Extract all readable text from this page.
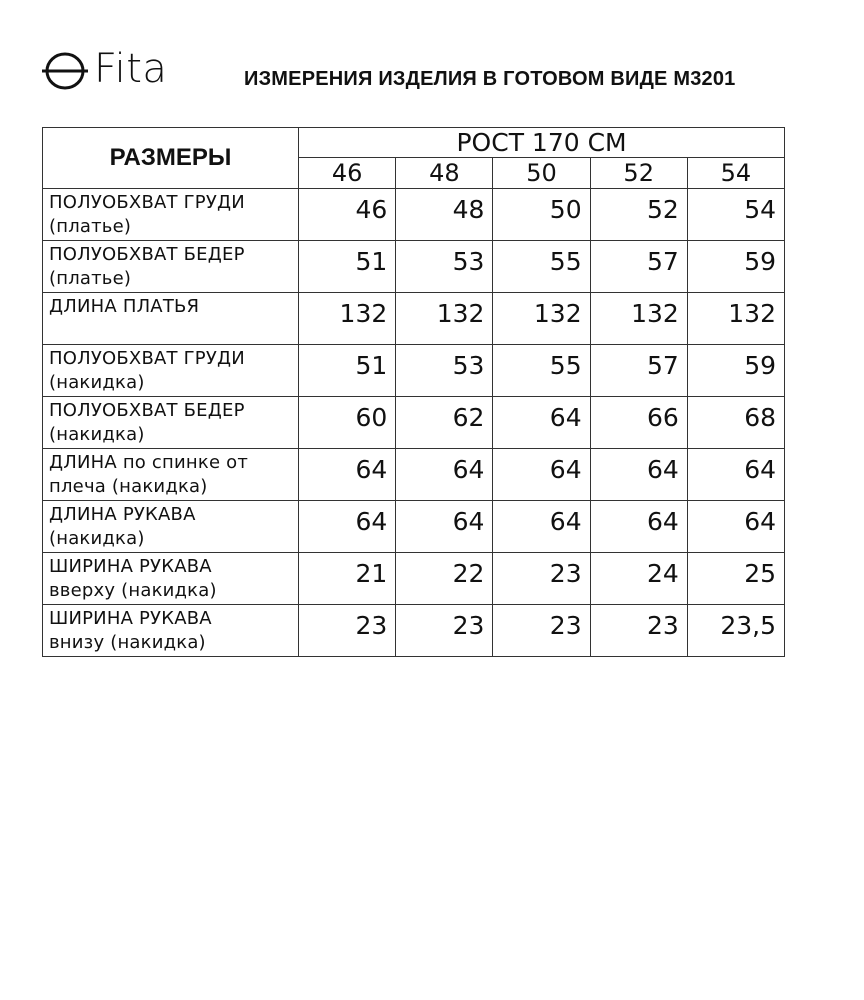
Fita	ИЗМЕРЕНИЯ ИЗДЕЛИЯ В ГОТОВОМ ВИДЕ М3201
РАЗМЕРЫ	РОСТ 170 СМ				
	46	48	50	52	54

ПОЛУОБХВАТ ГРУДИ
(платье)	46	48	50	52	54

ПОЛУОБХВАТ БЕДЕР
(платье)	51	53	55	57	59

ДЛИНА ПЛАТЬЯ	132	132	132	132	132

ПОЛУОБХВАТ ГРУДИ
(накидка)	51	53	55	57	59

ПОЛУОБХВАТ БЕДЕР
(накидка)	60	62	64	66	68

ДЛИНА по спинке от
плеча (накидка)	64	64	64	64	64

ДЛИНА РУКАВА
(накидка)	64	64	64	64	64

ШИРИНА РУКАВА
вверху (накидка)	21	22	23	24	25

ШИРИНА РУКАВА
внизу (накидка)	23	23	23	23	23,5
